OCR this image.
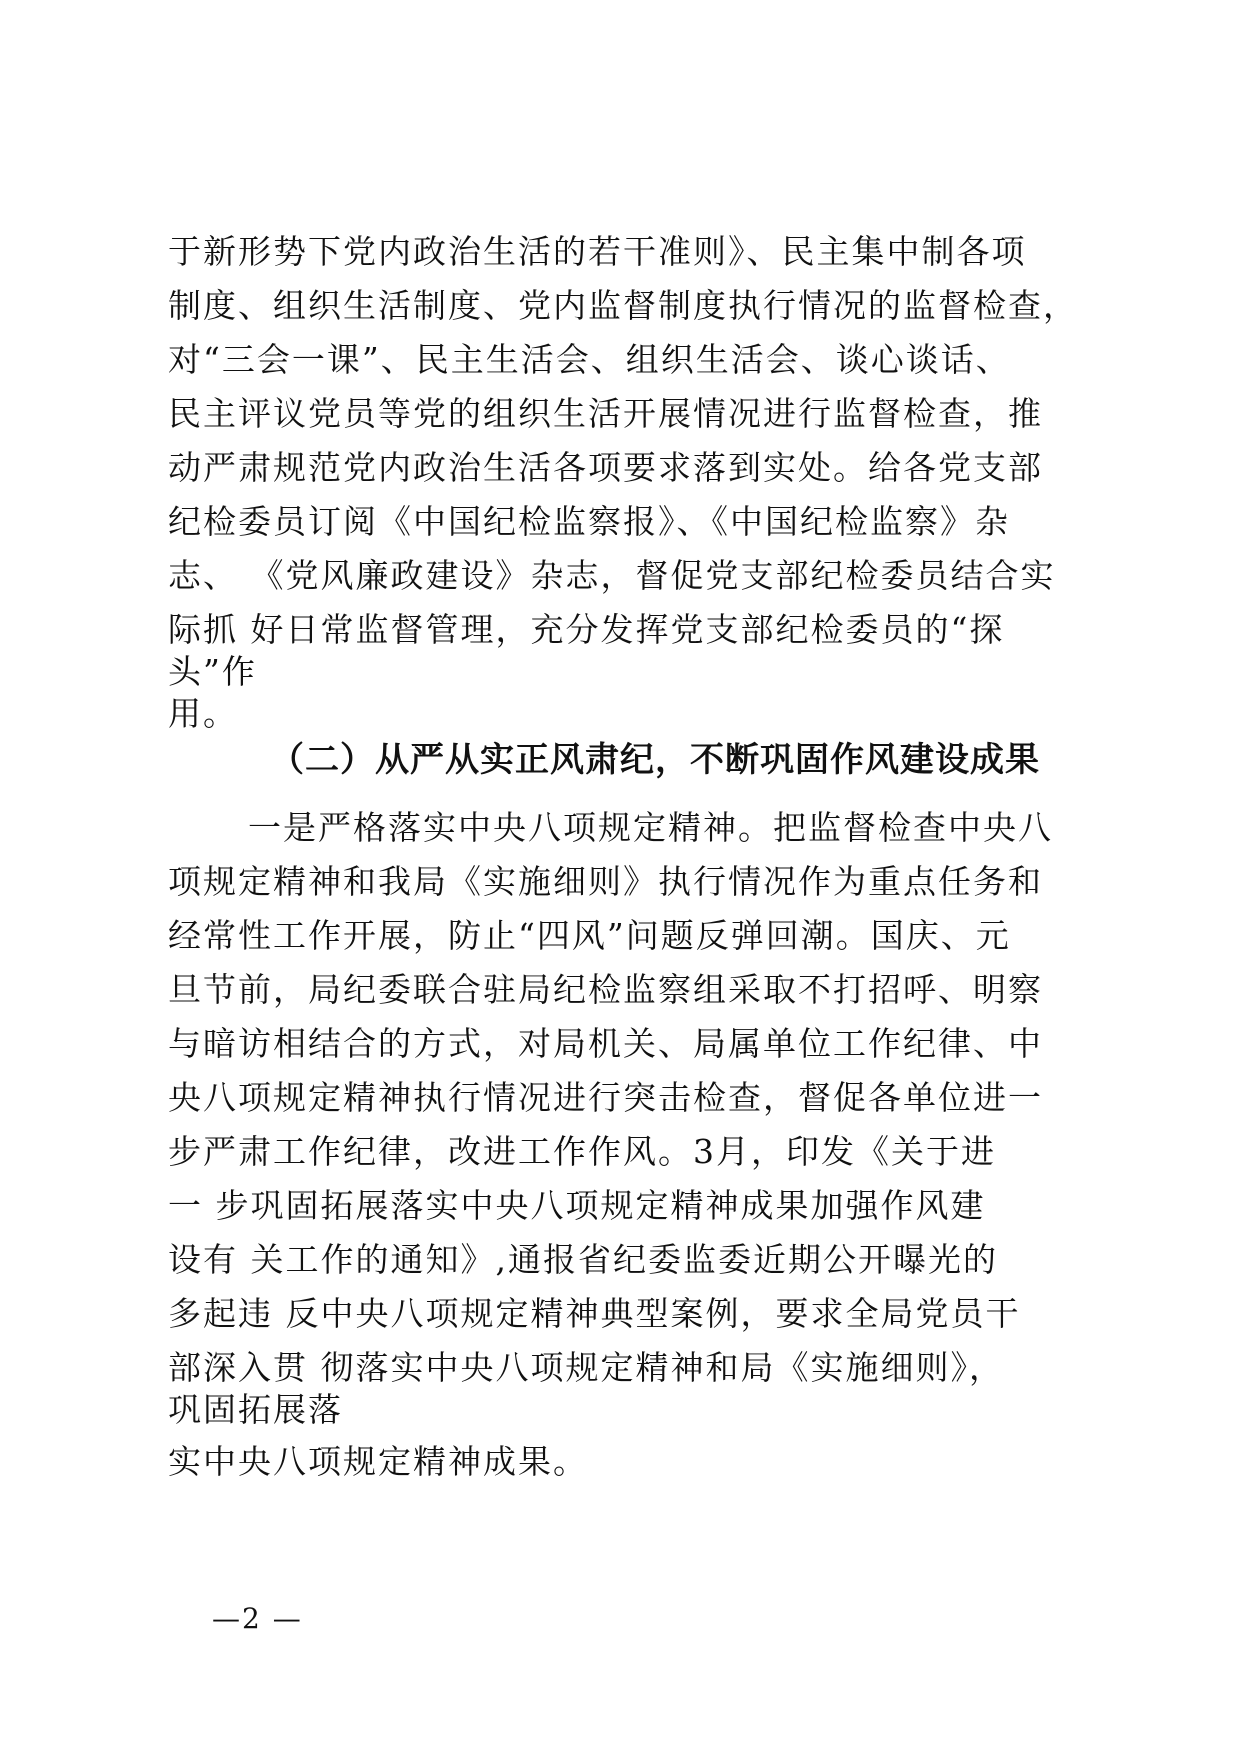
于新形势下党内政治生活的若干准则》、民主集中制各项
制度、组织生活制度、党内监督制度执行情况的监督检查，
对“三会一课”、民主生活会、组织生活会、谈心谈话、
民主评议党员等党的组织生活开展情况进行监督检查，推
动严肃规范党内政治生活各项要求落到实处。给各党支部
纪检委员订阅《中国纪检监察报》、《中国纪检监察》杂
志、 《党风廉政建设》杂志，督促党支部纪检委员结合实
际抓 好日常监督管理，充分发挥党支部纪检委员的“探
头”作
用。
（二）从严从实正风肃纪，不断巩固作风建设成果
一是严格落实中央八项规定精神。把监督检查中央八
项规定精神和我局《实施细则》执行情况作为重点任务和
经常性工作开展，防止“四风”问题反弹回潮。国庆、元
旦节前，局纪委联合驻局纪检监察组采取不打招呼、明察
与暗访相结合的方式，对局机关、局属单位工作纪律、中
央八项规定精神执行情况进行突击检查，督促各单位进一
步严肃工作纪律，改进工作作风。3月，印发《关于进
一 步巩固拓展落实中央八项规定精神成果加强作风建
设有 关工作的通知》,通报省纪委监委近期公开曝光的
多起违 反中央八项规定精神典型案例，要求全局党员干
部深入贯 彻落实中央八项规定精神和局《实施细则》，
巩固拓展落
实中央八项规定精神成果。
—2 —
